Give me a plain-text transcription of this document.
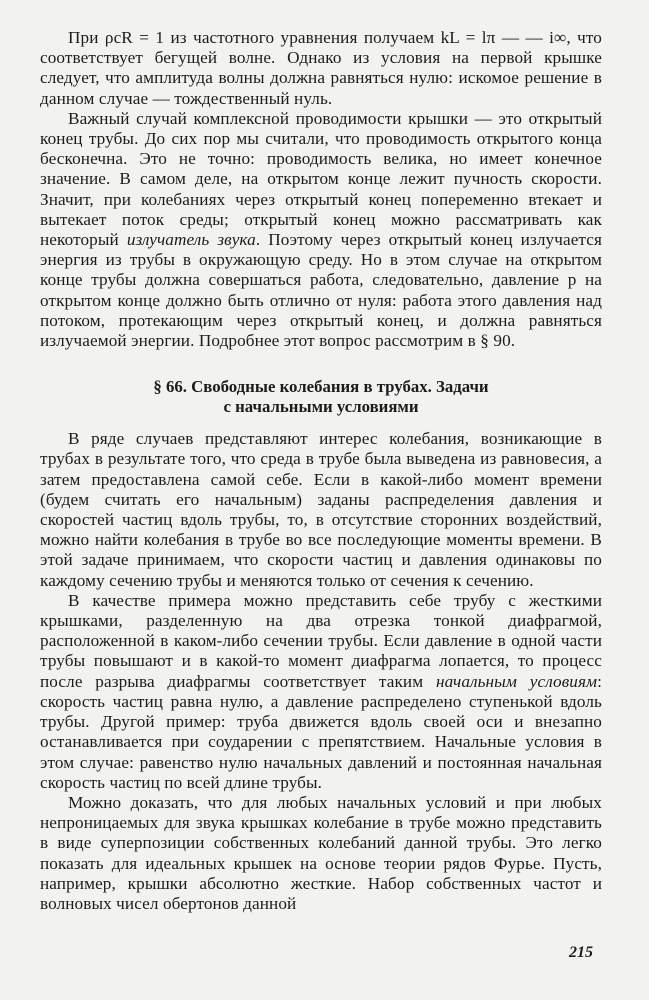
При ρcR = 1 из частотного уравнения получаем kL = lπ — — i∞, что соответствует бегущей волне. Однако из условия на первой крышке следует, что амплитуда волны должна равняться нулю: искомое решение в данном случае — тождественный нуль.

Важный случай комплексной проводимости крышки — это открытый конец трубы. До сих пор мы считали, что проводимость открытого конца бесконечна. Это не точно: проводимость велика, но имеет конечное значение. В самом деле, на открытом конце лежит пучность скорости. Значит, при колебаниях через открытый конец попеременно втекает и вытекает поток среды; открытый конец можно рассматривать как некоторый излучатель звука. Поэтому через открытый конец излучается энергия из трубы в окружающую среду. Но в этом случае на открытом конце трубы должна совершаться работа, следовательно, давление p на открытом конце должно быть отлично от нуля: работа этого давления над потоком, протекающим через открытый конец, и должна равняться излучаемой энергии. Подробнее этот вопрос рассмотрим в § 90.

§ 66. Свободные колебания в трубах. Задачи
с начальными условиями

В ряде случаев представляют интерес колебания, возникающие в трубах в результате того, что среда в трубе была выведена из равновесия, а затем предоставлена самой себе. Если в какой-либо момент времени (будем считать его начальным) заданы распределения давления и скоростей частиц вдоль трубы, то, в отсутствие сторонних воздействий, можно найти колебания в трубе во все последующие моменты времени. В этой задаче принимаем, что скорости частиц и давления одинаковы по каждому сечению трубы и меняются только от сечения к сечению.

В качестве примера можно представить себе трубу с жесткими крышками, разделенную на два отрезка тонкой диафрагмой, расположенной в каком-либо сечении трубы. Если давление в одной части трубы повышают и в какой-то момент диафрагма лопается, то процесс после разрыва диафрагмы соответствует таким начальным условиям: скорость частиц равна нулю, а давление распределено ступенькой вдоль трубы. Другой пример: труба движется вдоль своей оси и внезапно останавливается при соударении с препятствием. Начальные условия в этом случае: равенство нулю начальных давлений и постоянная начальная скорость частиц по всей длине трубы.

Можно доказать, что для любых начальных условий и при любых непроницаемых для звука крышках колебание в трубе можно представить в виде суперпозиции собственных колебаний данной трубы. Это легко показать для идеальных крышек на основе теории рядов Фурье. Пусть, например, крышки абсолютно жесткие. Набор собственных частот и волновых чисел обертонов данной

215
